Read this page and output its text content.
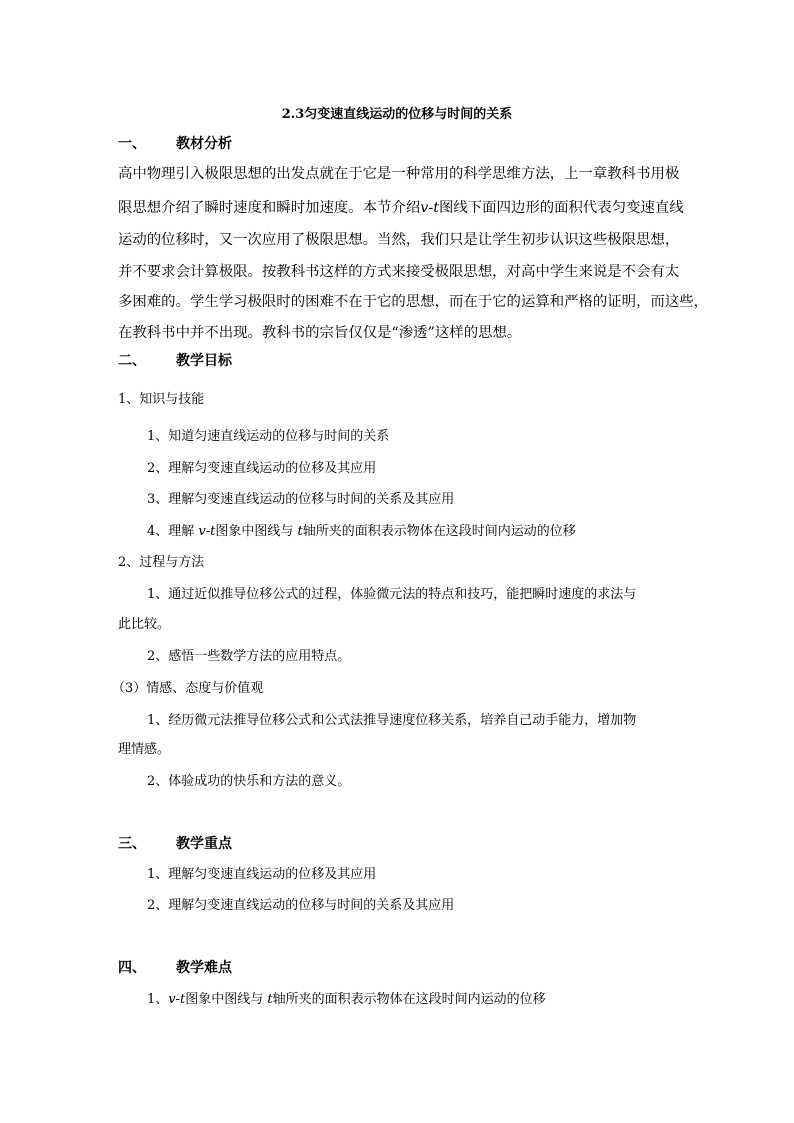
2.3匀变速直线运动的位移与时间的关系
一、 教材分析
高中物理引入极限思想的出发点就在于它是一种常用的科学思维方法，上一章教科书用极
限思想介绍了瞬时速度和瞬时加速度。本节介绍v-t图线下面四边形的面积代表匀变速直线
运动的位移时，又一次应用了极限思想。当然，我们只是让学生初步认识这些极限思想，
并不要求会计算极限。按教科书这样的方式来接受极限思想，对高中学生来说是不会有太
多困难的。学生学习极限时的困难不在于它的思想，而在于它的运算和严格的证明，而这些，
在教科书中并不出现。教科书的宗旨仅仅是“渗透”这样的思想。
二、 教学目标
1、知识与技能
1、知道匀速直线运动的位移与时间的关系
2、理解匀变速直线运动的位移及其应用
3、理解匀变速直线运动的位移与时间的关系及其应用
4、理解 v-t图象中图线与 t轴所夹的面积表示物体在这段时间内运动的位移
2、过程与方法
1、通过近似推导位移公式的过程，体验微元法的特点和技巧，能把瞬时速度的求法与
此比较。
2、感悟一些数学方法的应用特点。
（3）情感、态度与价值观
1、经历微元法推导位移公式和公式法推导速度位移关系，培养自己动手能力，增加物
理情感。
2、体验成功的快乐和方法的意义。
三、 教学重点
1、理解匀变速直线运动的位移及其应用
2、理解匀变速直线运动的位移与时间的关系及其应用
四、 教学难点
1、v-t图象中图线与 t轴所夹的面积表示物体在这段时间内运动的位移
